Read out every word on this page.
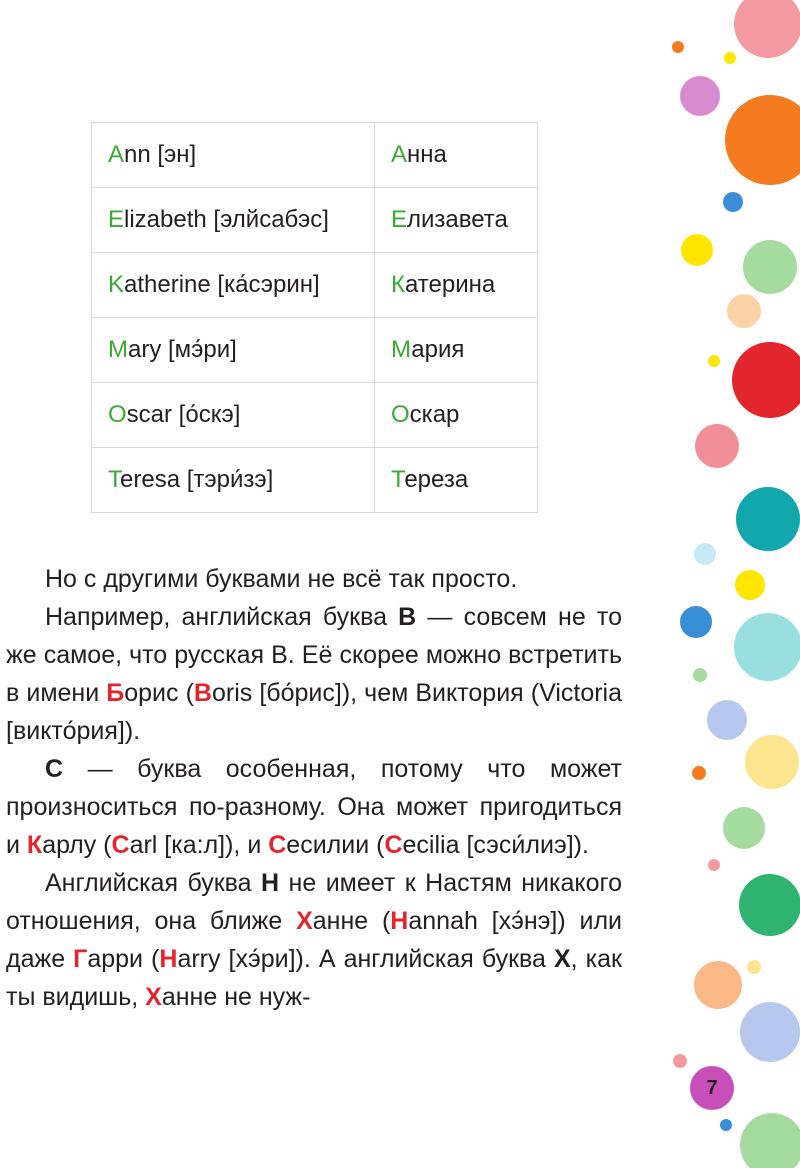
Ann [эн]	Анна
Elizabeth [элйсабэс]	Елизавета
Katherine [ка́сэрин]	Катерина
Mary [мэ́ри]	Мария
Oscar [о́скэ]	Оскар
Teresa [тэри́зэ]	Тереза

Но с другими буквами не всё так просто.

Например, английская буква B — совсем не то же самое, что русская В. Её скорее можно встретить в имени Борис (Boris [бо́рис]), чем Виктория (Victoria [викто́рия]).

C — буква особенная, потому что может произноситься по-разному. Она может пригодиться и Карлу (Carl [ка:л]), и Сесилии (Cecilia [сэси́лиэ]).

Английская буква H не имеет к Настям никакого отношения, она ближе Ханне (Hannah [хэ́нэ]) или даже Гарри (Harry [хэ́ри]). А английская буква X, как ты видишь, Ханне не нуж-

7
